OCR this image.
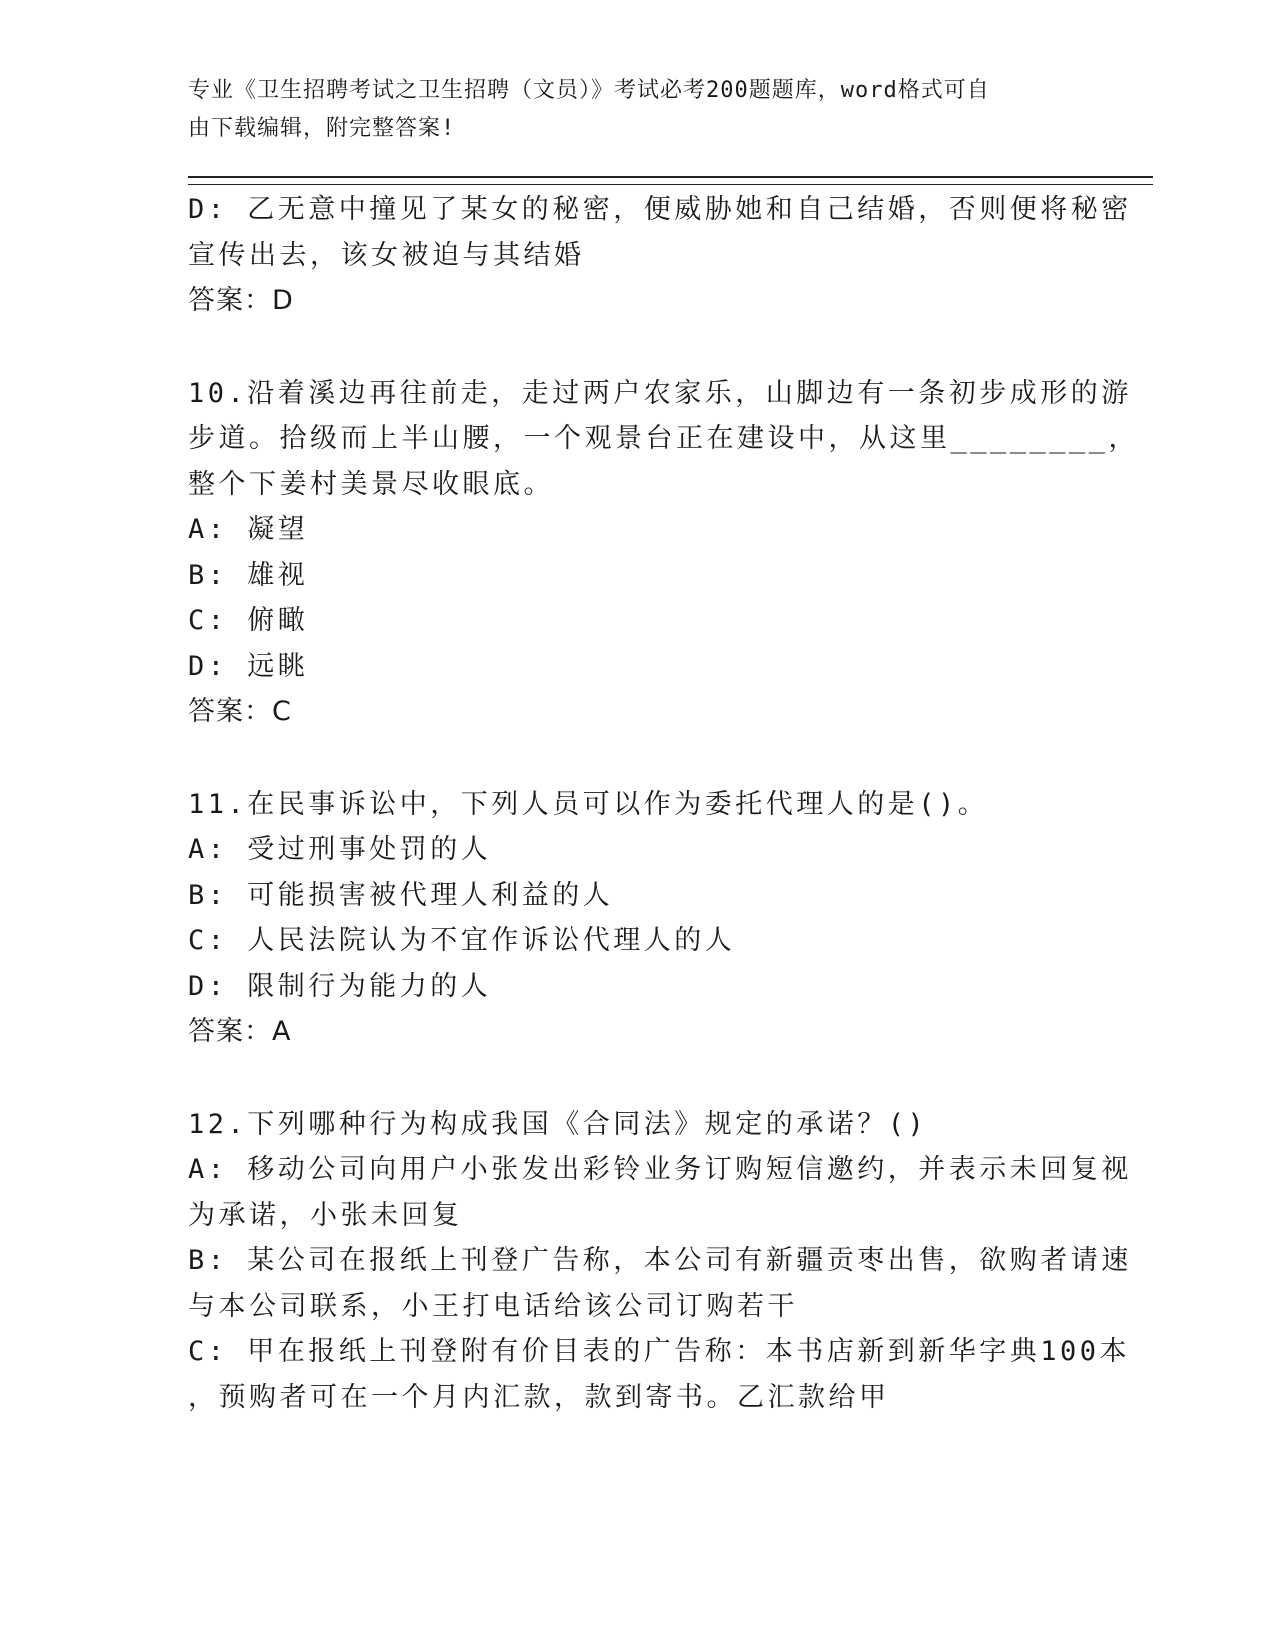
专业《卫生招聘考试之卫生招聘（文员）》考试必考200题题库，word格式可自
由下载编辑，附完整答案!
D: 乙无意中撞见了某女的秘密，便威胁她和自己结婚，否则便将秘密
宣传出去，该女被迫与其结婚
答案：D
10.沿着溪边再往前走，走过两户农家乐，山脚边有一条初步成形的游
步道。拾级而上半山腰，一个观景台正在建设中，从这里________，
整个下姜村美景尽收眼底。
A: 凝望
B: 雄视
C: 俯瞰
D: 远眺
答案：C
11.在民事诉讼中，下列人员可以作为委托代理人的是()。
A: 受过刑事处罚的人
B: 可能损害被代理人利益的人
C: 人民法院认为不宜作诉讼代理人的人
D: 限制行为能力的人
答案：A
12.下列哪种行为构成我国《合同法》规定的承诺？()
A: 移动公司向用户小张发出彩铃业务订购短信邀约，并表示未回复视
为承诺，小张未回复
B: 某公司在报纸上刊登广告称，本公司有新疆贡枣出售，欲购者请速
与本公司联系，小王打电话给该公司订购若干
C: 甲在报纸上刊登附有价目表的广告称：本书店新到新华字典100本
，预购者可在一个月内汇款，款到寄书。乙汇款给甲
